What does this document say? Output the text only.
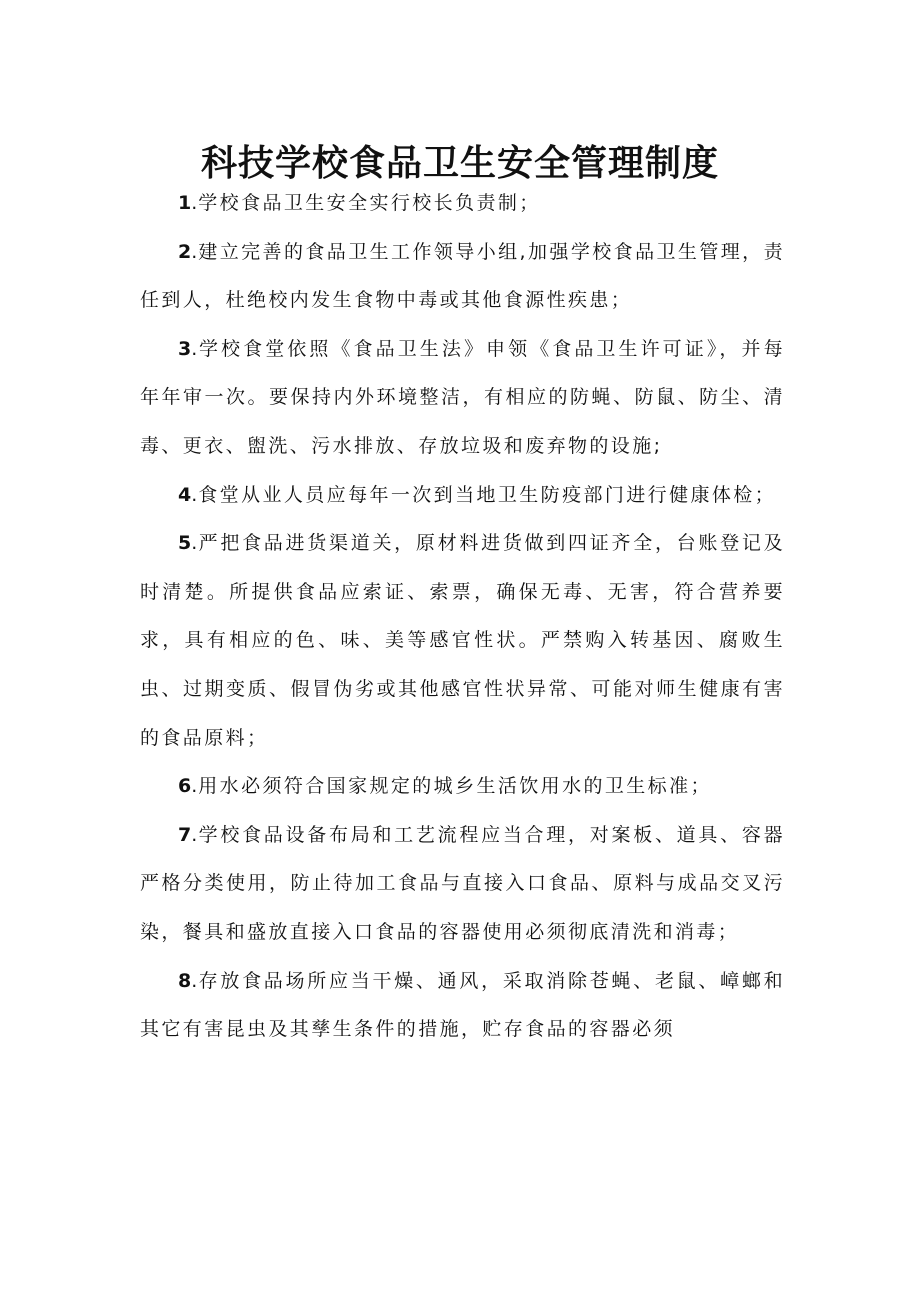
科技学校食品卫生安全管理制度

1.学校食品卫生安全实行校长负责制；

2.建立完善的食品卫生工作领导小组,加强学校食品卫生管理，责任到人，杜绝校内发生食物中毒或其他食源性疾患；

3.学校食堂依照《食品卫生法》申领《食品卫生许可证》，并每年年审一次。要保持内外环境整洁，有相应的防蝇、防鼠、防尘、清毒、更衣、盥洗、污水排放、存放垃圾和废弃物的设施;

4.食堂从业人员应每年一次到当地卫生防疫部门进行健康体检；

5.严把食品进货渠道关，原材料进货做到四证齐全，台账登记及时清楚。所提供食品应索证、索票，确保无毒、无害，符合营养要求，具有相应的色、味、美等感官性状。严禁购入转基因、腐败生虫、过期变质、假冒伪劣或其他感官性状异常、可能对师生健康有害的食品原料；

6.用水必须符合国家规定的城乡生活饮用水的卫生标准；

7.学校食品设备布局和工艺流程应当合理，对案板、道具、容器严格分类使用，防止待加工食品与直接入口食品、原料与成品交叉污染，餐具和盛放直接入口食品的容器使用必须彻底清洗和消毒；

8.存放食品场所应当干燥、通风，采取消除苍蝇、老鼠、嶂螂和其它有害昆虫及其孳生条件的措施，贮存食品的容器必须
